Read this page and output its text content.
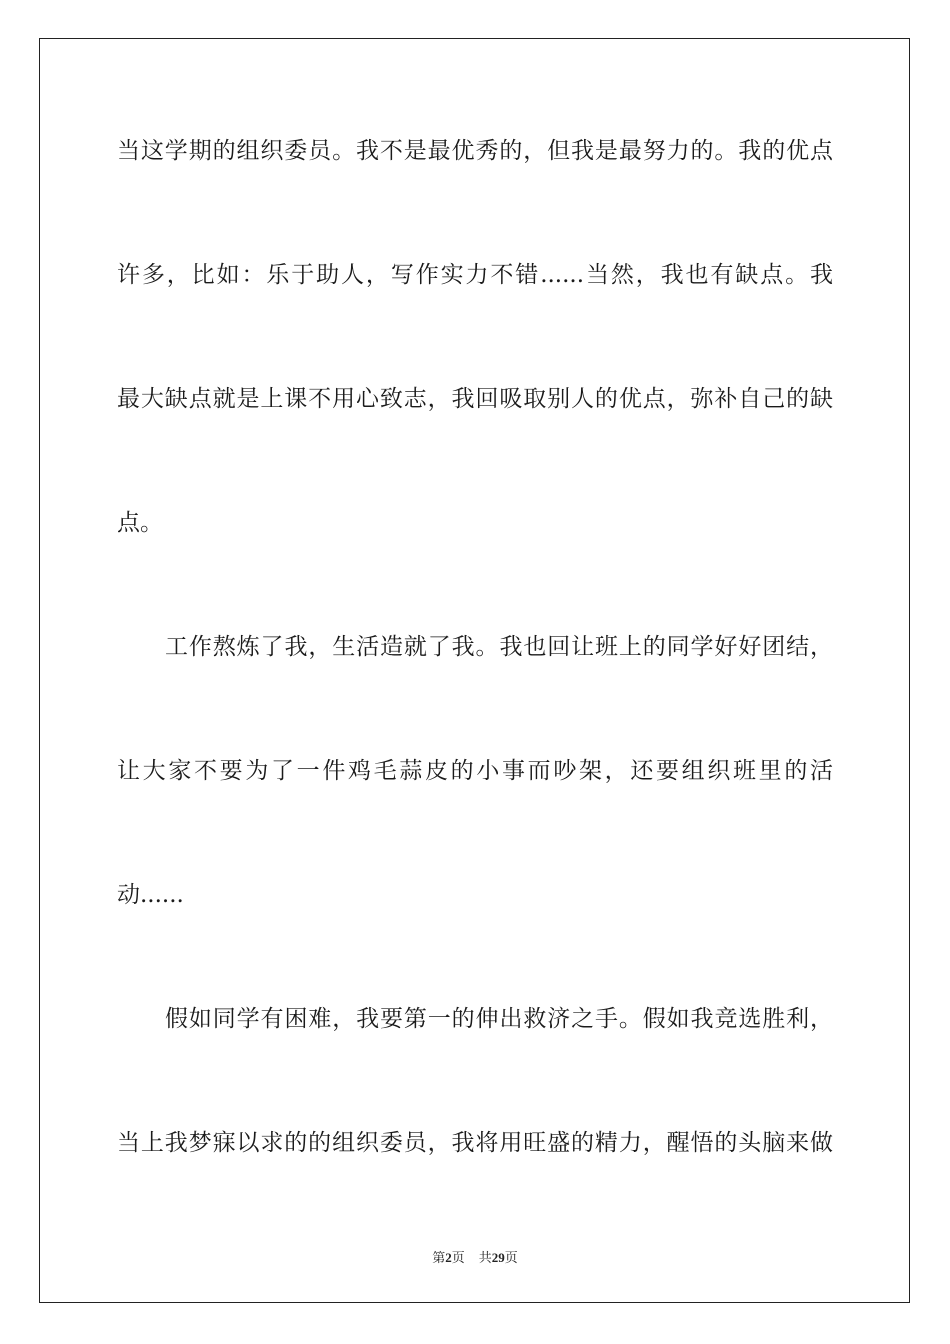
当这学期的组织委员。我不是最优秀的，但我是最努力的。我的优点
许多，比如：乐于助人，写作实力不错......当然，我也有缺点。我
最大缺点就是上课不用心致志，我回吸取别人的优点，弥补自己的缺
点。
工作熬炼了我，生活造就了我。我也回让班上的同学好好团结，
让大家不要为了一件鸡毛蒜皮的小事而吵架，还要组织班里的活
动......
假如同学有困难，我要第一的伸出救济之手。假如我竞选胜利，
当上我梦寐以求的的组织委员，我将用旺盛的精力，醒悟的头脑来做
第2页 共29页
